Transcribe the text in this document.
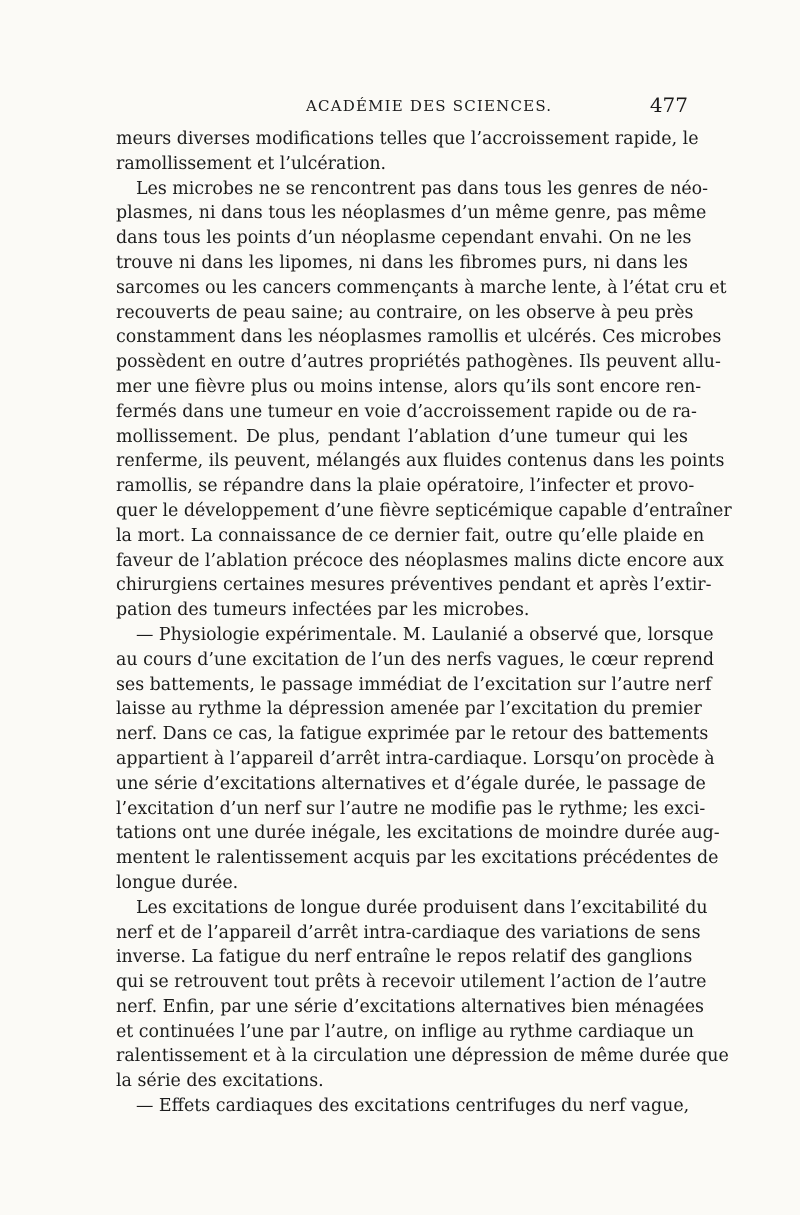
ACADÉMIE DES SCIENCES.	477
meurs diverses modifications telles que l’accroissement rapide, le
ramollissement et l’ulcération.
Les microbes ne se rencontrent pas dans tous les genres de néo-
plasmes, ni dans tous les néoplasmes d’un même genre, pas même
dans tous les points d’un néoplasme cependant envahi. On ne les
trouve ni dans les lipomes, ni dans les fibromes purs, ni dans les
sarcomes ou les cancers commençants à marche lente, à l’état cru et
recouverts de peau saine; au contraire, on les observe à peu près
constamment dans les néoplasmes ramollis et ulcérés. Ces microbes
possèdent en outre d’autres propriétés pathogènes. Ils peuvent allu-
mer une fièvre plus ou moins intense, alors qu’ils sont encore ren-
fermés dans une tumeur en voie d’accroissement rapide ou de ra-
mollissement. De plus, pendant l’ablation d’une tumeur qui les
renferme, ils peuvent, mélangés aux fluides contenus dans les points
ramollis, se répandre dans la plaie opératoire, l’infecter et provo-
quer le développement d’une fièvre septicémique capable d’entraîner
la mort. La connaissance de ce dernier fait, outre qu’elle plaide en
faveur de l’ablation précoce des néoplasmes malins dicte encore aux
chirurgiens certaines mesures préventives pendant et après l’extir-
pation des tumeurs infectées par les microbes.
— Physiologie expérimentale. M. Laulanié a observé que, lorsque
au cours d’une excitation de l’un des nerfs vagues, le cœur reprend
ses battements, le passage immédiat de l’excitation sur l’autre nerf
laisse au rythme la dépression amenée par l’excitation du premier
nerf. Dans ce cas, la fatigue exprimée par le retour des battements
appartient à l’appareil d’arrêt intra-cardiaque. Lorsqu’on procède à
une série d’excitations alternatives et d’égale durée, le passage de
l’excitation d’un nerf sur l’autre ne modifie pas le rythme; les exci-
tations ont une durée inégale, les excitations de moindre durée aug-
mentent le ralentissement acquis par les excitations précédentes de
longue durée.
Les excitations de longue durée produisent dans l’excitabilité du
nerf et de l’appareil d’arrêt intra-cardiaque des variations de sens
inverse. La fatigue du nerf entraîne le repos relatif des ganglions
qui se retrouvent tout prêts à recevoir utilement l’action de l’autre
nerf. Enfin, par une série d’excitations alternatives bien ménagées
et continuées l’une par l’autre, on inflige au rythme cardiaque un
ralentissement et à la circulation une dépression de même durée que
la série des excitations.
— Effets cardiaques des excitations centrifuges du nerf vague,
